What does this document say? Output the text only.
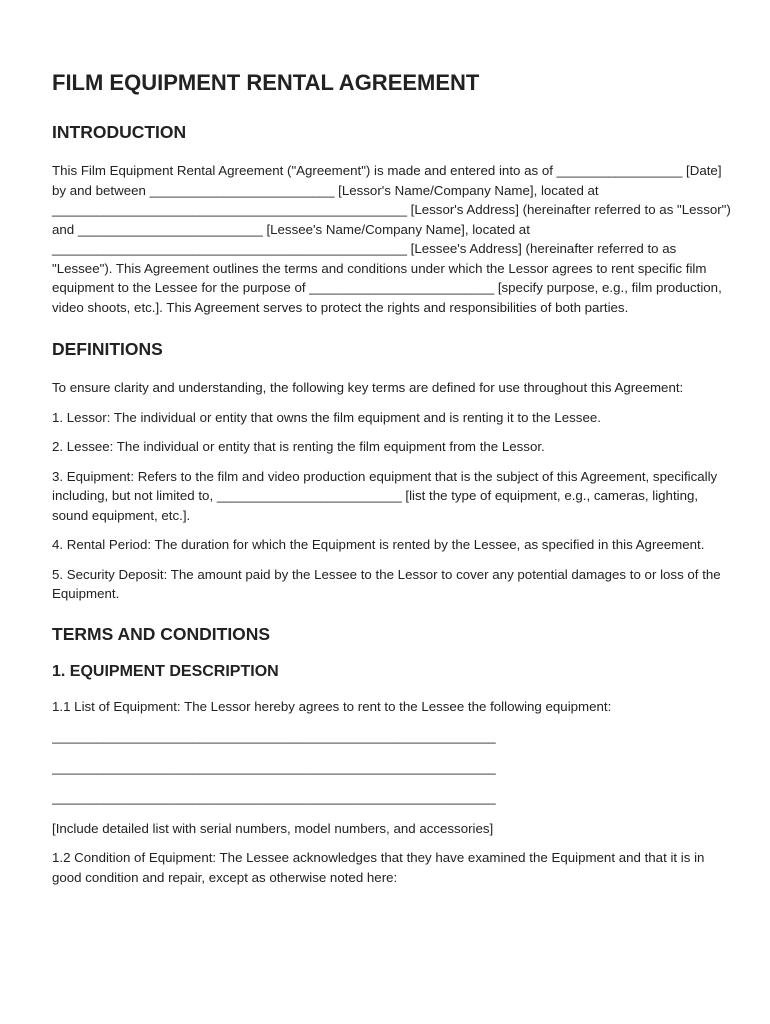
FILM EQUIPMENT RENTAL AGREEMENT
INTRODUCTION

This Film Equipment Rental Agreement ("Agreement") is made and entered into as of _________________ [Date] by and between _________________________ [Lessor's Name/Company Name], located at ________________________________________________ [Lessor's Address] (hereinafter referred to as "Lessor") and _________________________ [Lessee's Name/Company Name], located at ________________________________________________ [Lessee's Address] (hereinafter referred to as "Lessee"). This Agreement outlines the terms and conditions under which the Lessor agrees to rent specific film equipment to the Lessee for the purpose of _________________________ [specify purpose, e.g., film production, video shoots, etc.]. This Agreement serves to protect the rights and responsibilities of both parties.

DEFINITIONS

To ensure clarity and understanding, the following key terms are defined for use throughout this Agreement:

1. Lessor: The individual or entity that owns the film equipment and is renting it to the Lessee.

2. Lessee: The individual or entity that is renting the film equipment from the Lessor.

3. Equipment: Refers to the film and video production equipment that is the subject of this Agreement, specifically including, but not limited to, _________________________ [list the type of equipment, e.g., cameras, lighting, sound equipment, etc.].

4. Rental Period: The duration for which the Equipment is rented by the Lessee, as specified in this Agreement.

5. Security Deposit: The amount paid by the Lessee to the Lessor to cover any potential damages to or loss of the Equipment.

TERMS AND CONDITIONS
1. EQUIPMENT DESCRIPTION

1.1 List of Equipment: The Lessor hereby agrees to rent to the Lessee the following equipment:

____________________________________________________________
____________________________________________________________
____________________________________________________________

[Include detailed list with serial numbers, model numbers, and accessories]

1.2 Condition of Equipment: The Lessee acknowledges that they have examined the Equipment and that it is in good condition and repair, except as otherwise noted here:
